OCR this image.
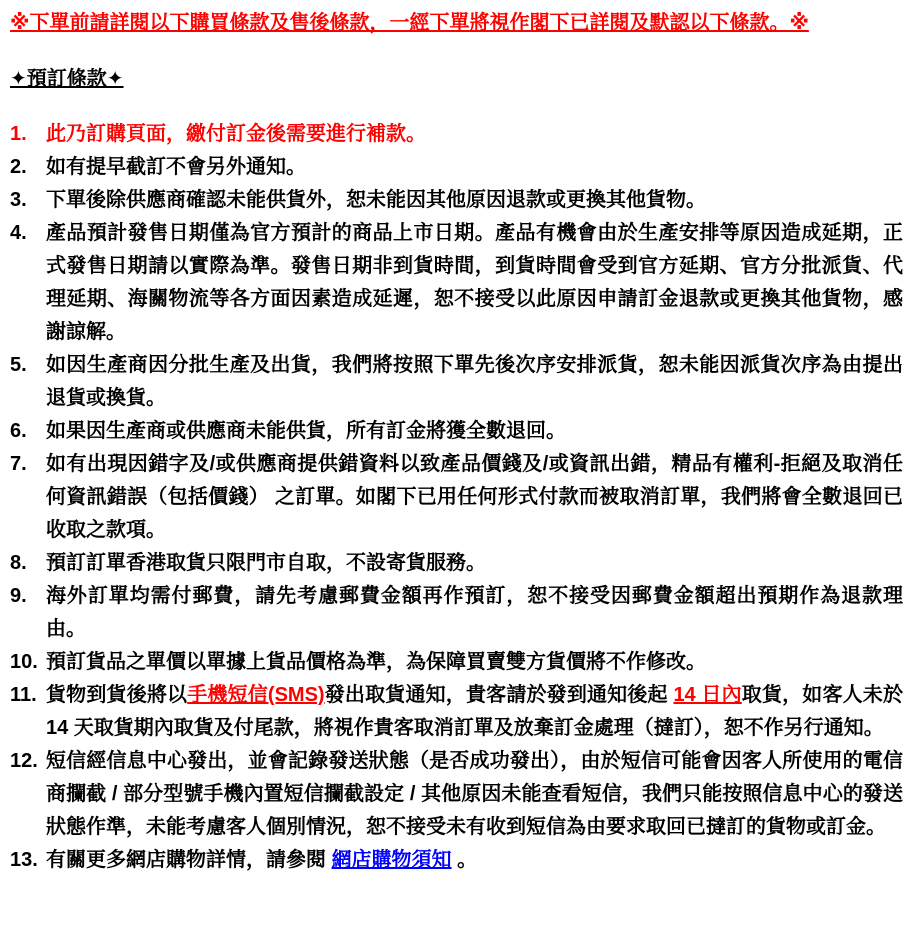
※下單前請詳閱以下購買條款及售後條款，一經下單將視作閣下已詳閱及默認以下條款。※
✦預訂條款✦
1. 此乃訂購頁面，繳付訂金後需要進行補款。
2. 如有提早截訂不會另外通知。
3. 下單後除供應商確認未能供貨外，恕未能因其他原因退款或更換其他貨物。
4. 產品預計發售日期僅為官方預計的商品上市日期。產品有機會由於生產安排等原因造成延期，正式發售日期請以實際為準。發售日期非到貨時間，到貨時間會受到官方延期、官方分批派貨、代理延期、海關物流等各方面因素造成延遲，恕不接受以此原因申請訂金退款或更換其他貨物，感謝諒解。
5. 如因生產商因分批生產及出貨，我們將按照下單先後次序安排派貨，恕未能因派貨次序為由提出退貨或換貨。
6. 如果因生產商或供應商未能供貨，所有訂金將獲全數退回。
7. 如有出現因錯字及/或供應商提供錯資料以致產品價錢及/或資訊出錯，精品有權利-拒絕及取消任何資訊錯誤（包括價錢） 之訂單。如閣下已用任何形式付款而被取消訂單，我們將會全數退回已收取之款項。
8. 預訂訂單香港取貨只限門市自取，不設寄貨服務。
9. 海外訂單均需付郵費，請先考慮郵費金額再作預訂，恕不接受因郵費金額超出預期作為退款理由。
10. 預訂貨品之單價以單據上貨品價格為準，為保障買賣雙方貨價將不作修改。
11. 貨物到貨後將以手機短信(SMS)發出取貨通知，貴客請於發到通知後起 14 日內取貨，如客人未於 14 天取貨期內取貨及付尾款，將視作貴客取消訂單及放棄訂金處理（撻訂），恕不作另行通知。
12. 短信經信息中心發出，並會記錄發送狀態（是否成功發出），由於短信可能會因客人所使用的電信商攔截 / 部分型號手機內置短信攔截設定 / 其他原因未能查看短信，我們只能按照信息中心的發送狀態作準，未能考慮客人個別情況，恕不接受未有收到短信為由要求取回已撻訂的貨物或訂金。
13. 有關更多網店購物詳情，請參閱 網店購物須知 。
